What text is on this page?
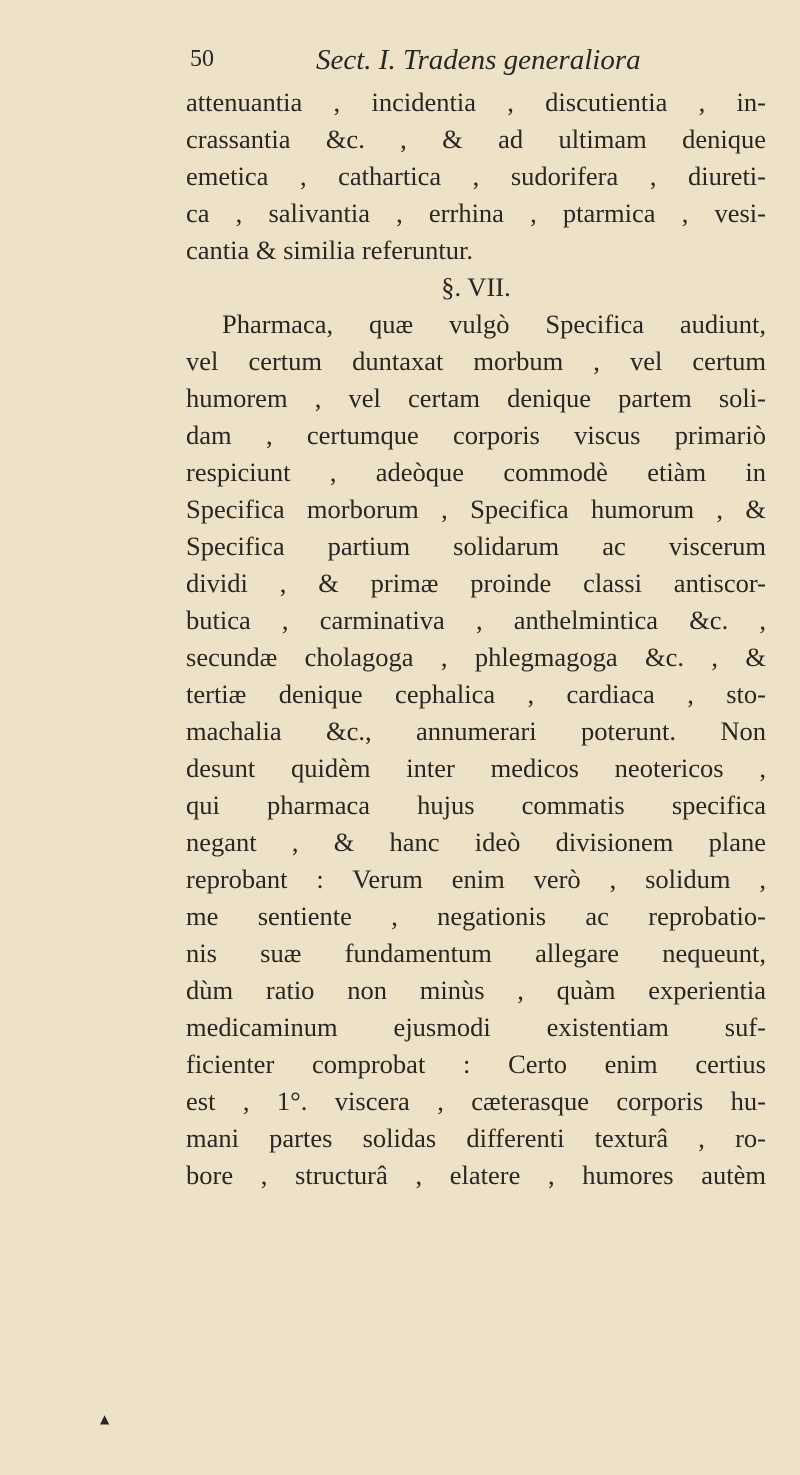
50	Sect. I. Tradens generaliora
attenuantia , incidentia , discutientia , in-
crassantia &c. , & ad ultimam denique
emetica , cathartica , sudorifera , diureti-
ca , salivantia , errhina , ptarmica , vesi-
cantia & similia referuntur.
§. VII.
Pharmaca, quæ vulgò Specifica audiunt,
vel certum duntaxat morbum , vel certum
humorem , vel certam denique partem soli-
dam , certumque corporis viscus primariò
respiciunt , adeòque commodè etiàm in
Specifica morborum , Specifica humorum , &
Specifica partium solidarum ac viscerum
dividi , & primæ proinde classi antiscor-
butica , carminativa , anthelmintica &c. ,
secundæ cholagoga , phlegmagoga &c. , &
tertiæ denique cephalica , cardiaca , sto-
machalia &c., annumerari poterunt. Non
desunt quidèm inter medicos neotericos ,
qui pharmaca hujus commatis specifica
negant , & hanc ideò divisionem plane
reprobant : Verum enim verò , solidum ,
me sentiente , negationis ac reprobatio-
nis suæ fundamentum allegare nequeunt,
dùm ratio non minùs , quàm experientia
medicaminum ejusmodi existentiam suf-
ficienter comprobat : Certo enim certius
est , 1°. viscera , cæterasque corporis hu-
mani partes solidas differenti texturâ , ro-
bore , structurâ , elatere , humores autèm
▲
